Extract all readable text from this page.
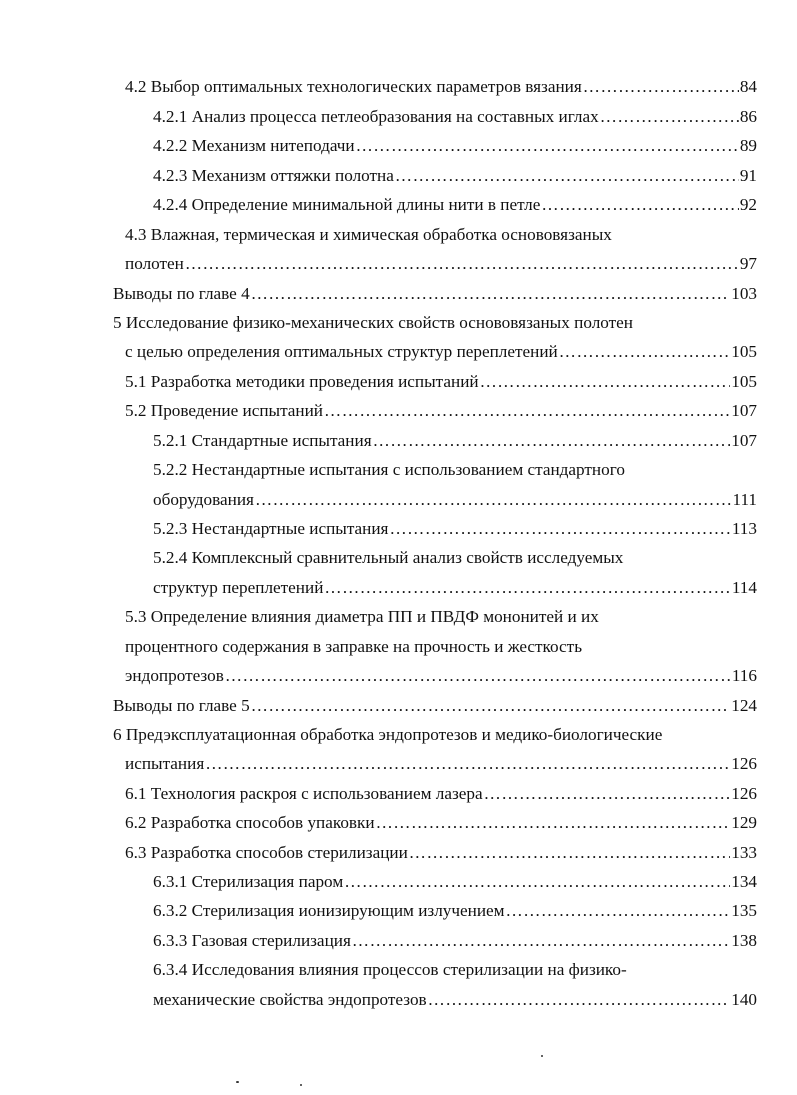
4.2 Выбор оптимальных технологических параметров вязания ……………………………………………………………………………………………………………………………………………………………………………………………………………………	84
4.2.1 Анализ процесса петлеобразования на составных иглах ……………………………………………………………………………………………………………………………………………………………………………………………………………………	86
4.2.2 Механизм нитеподачи ……………………………………………………………………………………………………………………………………………………………………………………………………………………	89
4.2.3 Механизм оттяжки полотна ……………………………………………………………………………………………………………………………………………………………………………………………………………………	91
4.2.4 Определение минимальной длины нити в петле ……………………………………………………………………………………………………………………………………………………………………………………………………………………	92
4.3 Влажная, термическая и химическая обработка основовязаных
полотен ……………………………………………………………………………………………………………………………………………………………………………………………………………………	97
Выводы по главе 4 ……………………………………………………………………………………………………………………………………………………………………………………………………………………	103
5 Исследование физико-механических свойств основовязаных полотен
с целью определения оптимальных структур переплетений ……………………………………………………………………………………………………………………………………………………………………………………………………………………	105
5.1 Разработка методики проведения испытаний ……………………………………………………………………………………………………………………………………………………………………………………………………………………	105
5.2 Проведение испытаний ……………………………………………………………………………………………………………………………………………………………………………………………………………………	107
5.2.1 Стандартные испытания ……………………………………………………………………………………………………………………………………………………………………………………………………………………	107
5.2.2 Нестандартные испытания с использованием стандартного
оборудования ……………………………………………………………………………………………………………………………………………………………………………………………………………………	111
5.2.3 Нестандартные испытания ……………………………………………………………………………………………………………………………………………………………………………………………………………………	113
5.2.4 Комплексный сравнительный анализ свойств исследуемых
структур переплетений ……………………………………………………………………………………………………………………………………………………………………………………………………………………	114
5.3 Определение влияния диаметра ПП и ПВДФ мононитей и их
процентного содержания в заправке на прочность и жесткость
эндопротезов ……………………………………………………………………………………………………………………………………………………………………………………………………………………	116
Выводы по главе 5 ……………………………………………………………………………………………………………………………………………………………………………………………………………………	124
6 Предэксплуатационная обработка эндопротезов и медико-биологические
испытания ……………………………………………………………………………………………………………………………………………………………………………………………………………………	126
6.1 Технология раскроя с использованием лазера ……………………………………………………………………………………………………………………………………………………………………………………………………………………	126
6.2 Разработка способов упаковки ……………………………………………………………………………………………………………………………………………………………………………………………………………………	129
6.3 Разработка способов стерилизации ……………………………………………………………………………………………………………………………………………………………………………………………………………………	133
6.3.1 Стерилизация паром ……………………………………………………………………………………………………………………………………………………………………………………………………………………	134
6.3.2 Стерилизация ионизирующим излучением ……………………………………………………………………………………………………………………………………………………………………………………………………………………	135
6.3.3 Газовая стерилизация ……………………………………………………………………………………………………………………………………………………………………………………………………………………	138
6.3.4 Исследования влияния процессов стерилизации на физико-
механические свойства эндопротезов ……………………………………………………………………………………………………………………………………………………………………………………………………………………	140
